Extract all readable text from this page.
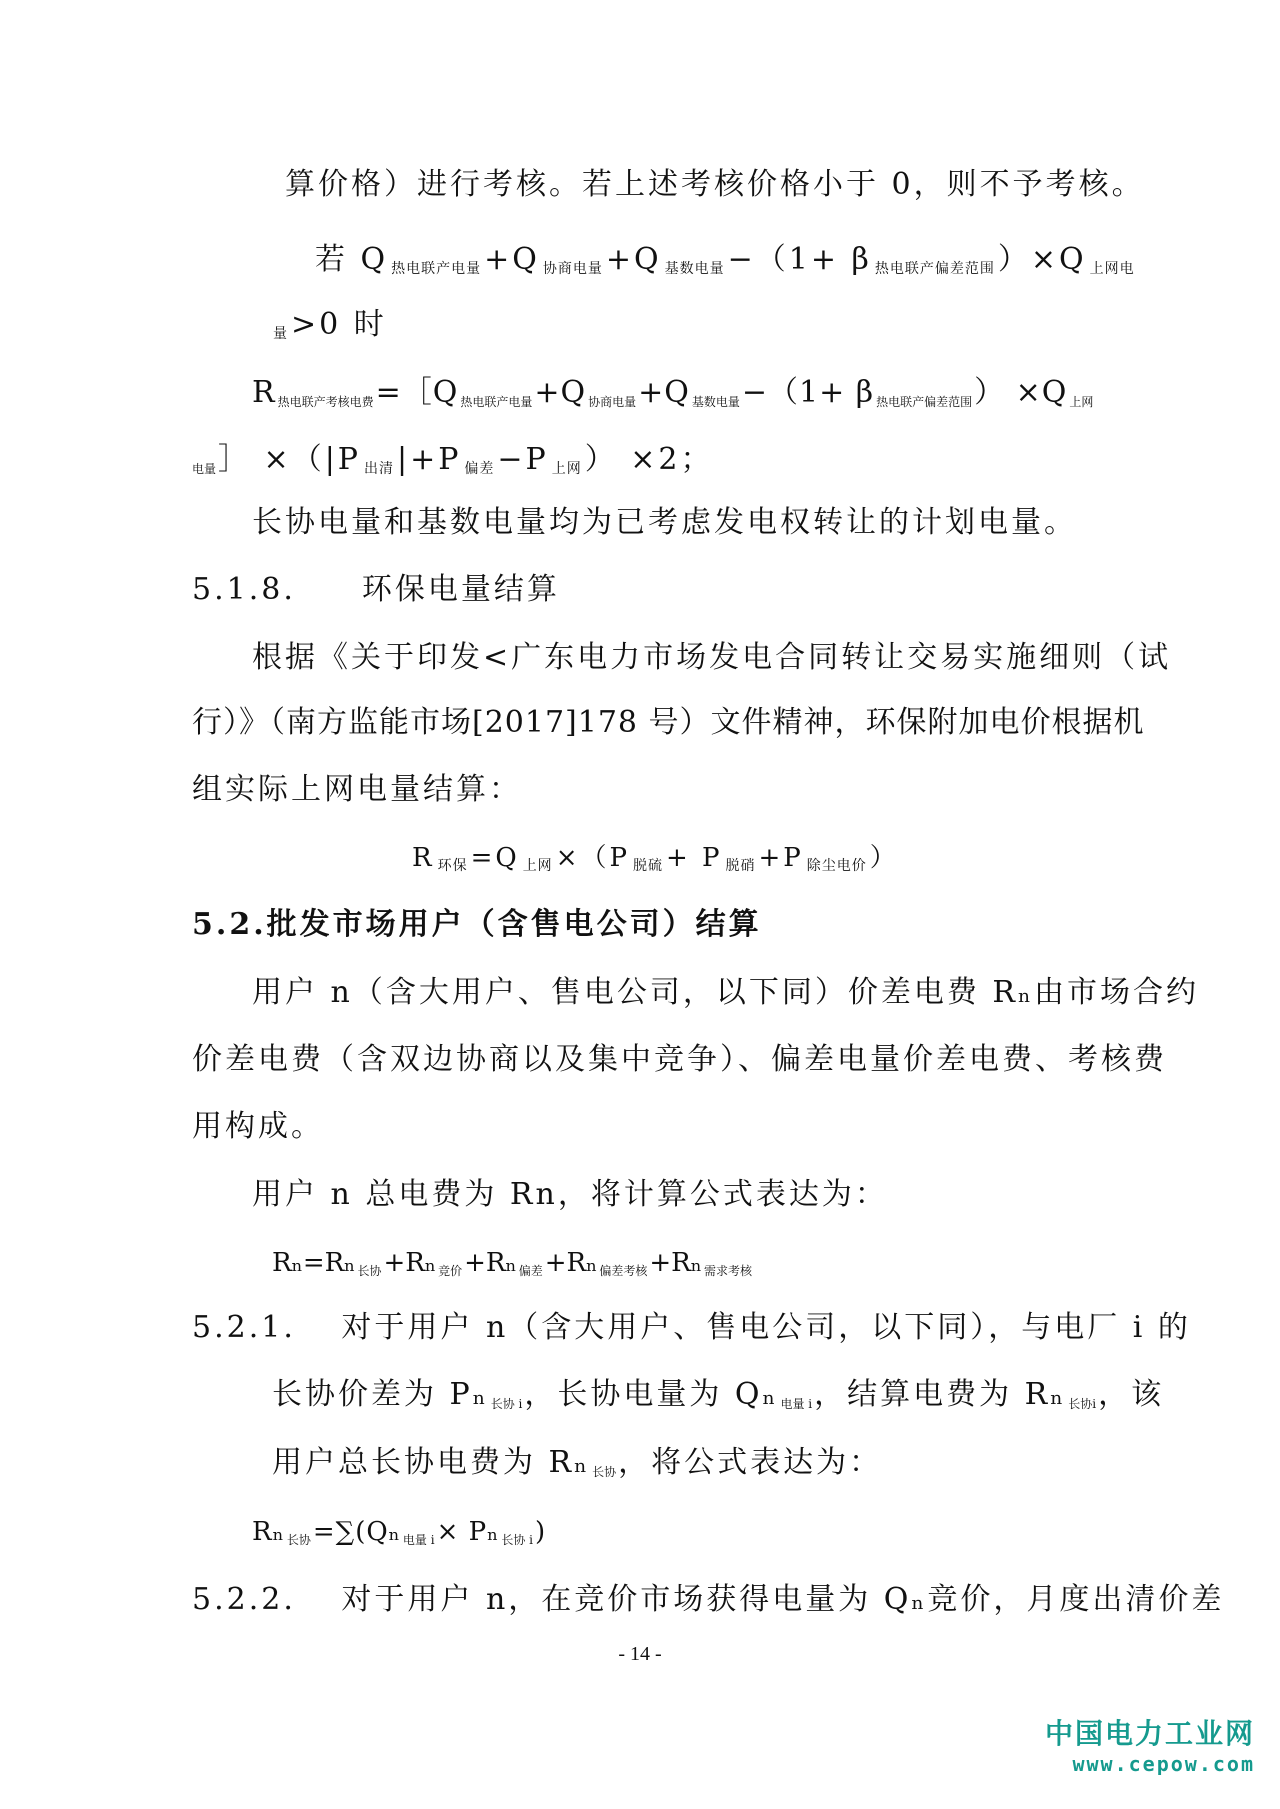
算价格）进行考核。若上述考核价格小于 0，则不予考核。
若 Q $_{热电联产电量}$ +Q $_{协商电量}$ +Q $_{基数电量}$ −（1+ β $_{热电联产偏差范围}$ ）×Q $_{上网电}$
$_量$ >0 时
R热电联产考核电费=［Q 热电联产电量+Q 协商电量+Q 基数电量−（1+ β 热电联产偏差范围） ×Q 上网
电量］ ×（|P $_{出清}$ |+P $_{偏差}$ −P $_{上网}$ ） ×2；
长协电量和基数电量均为已考虑发电权转让的计划电量。
5.1.8.　　环保电量结算
根据《关于印发<广东电力市场发电合同转让交易实施细则（试
行）》（南方监能市场[2017]178 号）文件精神，环保附加电价根据机
组实际上网电量结算：
R $_{环保}$ =Q $_{上网}$ ×（P $_{脱硫}$ + P $_{脱硝}$ +P $_{除尘电价}$ ）
5.2.批发市场用户（含售电公司）结算
用户 n（含大用户、售电公司，以下同）价差电费 Rₙ由市场合约
价差电费（含双边协商以及集中竞争）、偏差电量价差电费、考核费
用构成。
用户 n 总电费为 Rn，将计算公式表达为：
Rₙ=Rₙ 长协+Rₙ 竞价+Rₙ 偏差+Rₙ 偏差考核+Rₙ 需求考核
5.2.1.　 对于用户 n（含大用户、售电公司，以下同），与电厂 i 的
长协价差为 Pₙ 长协 i，长协电量为 Qₙ 电量 i，结算电费为 Rₙ 长协i，该
用户总长协电费为 Rₙ 长协，将公式表达为：
Rₙ 长协=∑(Qₙ 电量 i× Pₙ 长协 i)
5.2.2.　 对于用户 n，在竞价市场获得电量为 Qₙ竞价，月度出清价差
- 14 -
中国电力工业网
www.cepow.com
